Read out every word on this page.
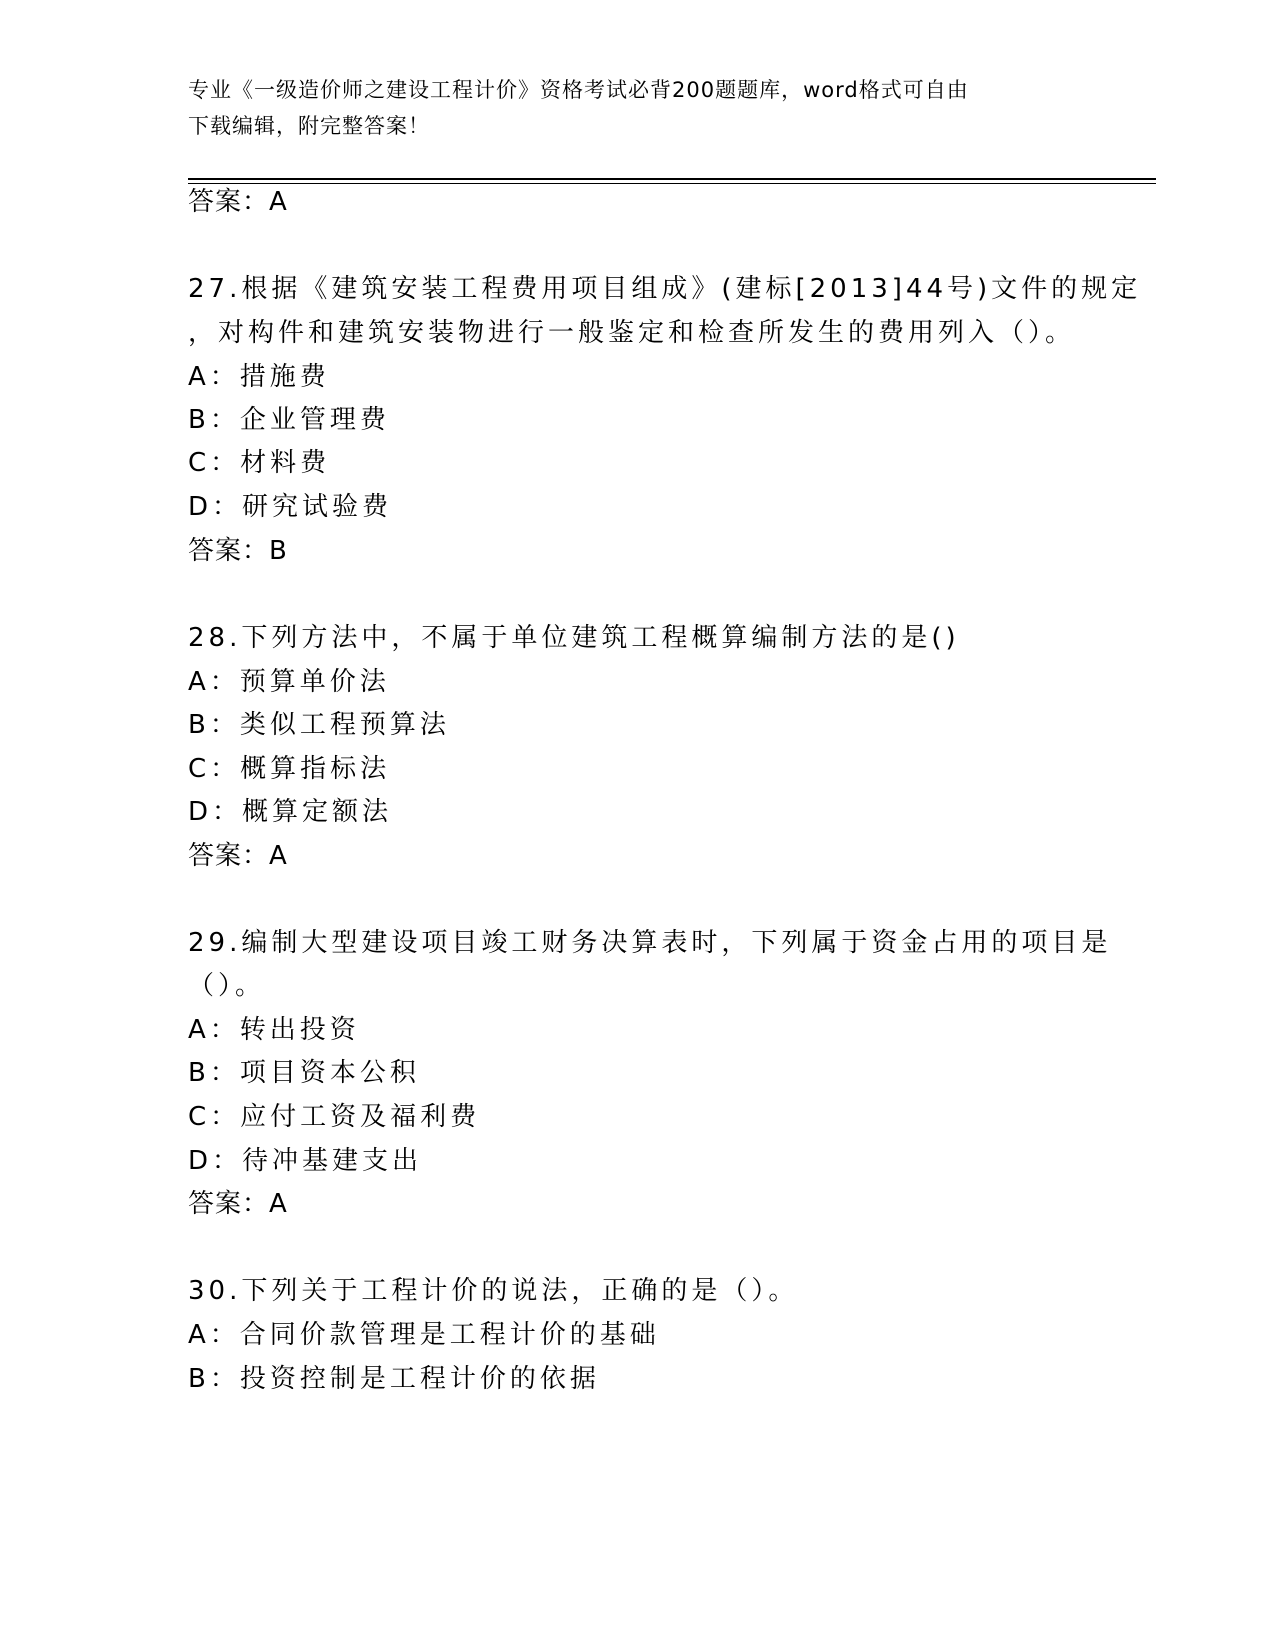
专业《一级造价师之建设工程计价》资格考试必背200题题库，word格式可自由
下载编辑，附完整答案！
答案：A
27.根据《建筑安装工程费用项目组成》(建标[2013]44号)文件的规定
，对构件和建筑安装物进行一般鉴定和检查所发生的费用列入（）。
A：措施费
B：企业管理费
C：材料费
D：研究试验费
答案：B
28.下列方法中，不属于单位建筑工程概算编制方法的是()
A：预算单价法
B：类似工程预算法
C：概算指标法
D：概算定额法
答案：A
29.编制大型建设项目竣工财务决算表时，下列属于资金占用的项目是
（）。
A：转出投资
B：项目资本公积
C：应付工资及福利费
D：待冲基建支出
答案：A
30.下列关于工程计价的说法，正确的是（）。
A：合同价款管理是工程计价的基础
B：投资控制是工程计价的依据
